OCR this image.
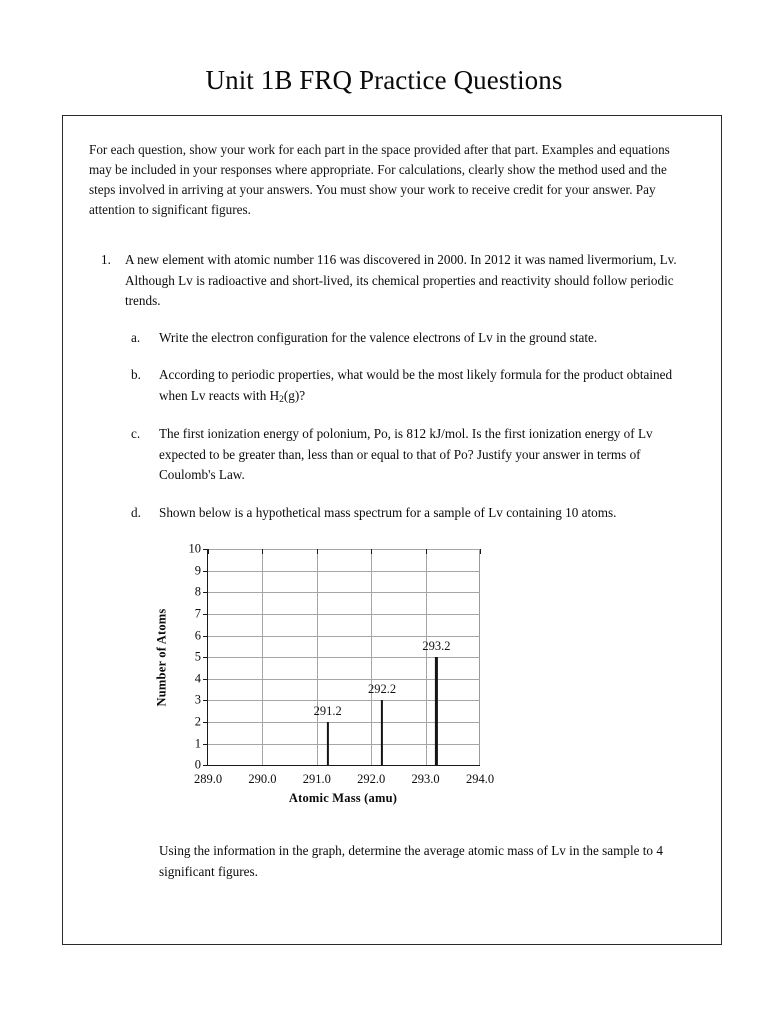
Unit 1B FRQ Practice Questions

For each question, show your work for each part in the space provided after that part. Examples and equations may be included in your responses where appropriate. For calculations, clearly show the method used and the steps involved in arriving at your answers. You must show your work to receive credit for your answer. Pay attention to significant figures.

1. A new element with atomic number 116 was discovered in 2000. In 2012 it was named livermorium, Lv. Although Lv is radioactive and short-lived, its chemical properties and reactivity should follow periodic trends.

a. Write the electron configuration for the valence electrons of Lv in the ground state.

b. According to periodic properties, what would be the most likely formula for the product obtained when Lv reacts with $H_2(g)$?

c. The first ionization energy of polonium, Po, is 812 kJ/mol. Is the first ionization energy of Lv expected to be greater than, less than or equal to that of Po? Justify your answer in terms of Coulomb's Law.

d. Shown below is a hypothetical mass spectrum for a sample of Lv containing 10 atoms.

Number of Atoms
0
1
2
3
4
5
6
7
8
9
10
289.0 290.0 291.0 292.0 293.0 294.0
291.2
292.2
293.2
Atomic Mass (amu)

Using the information in the graph, determine the average atomic mass of Lv in the sample to 4 significant figures.
